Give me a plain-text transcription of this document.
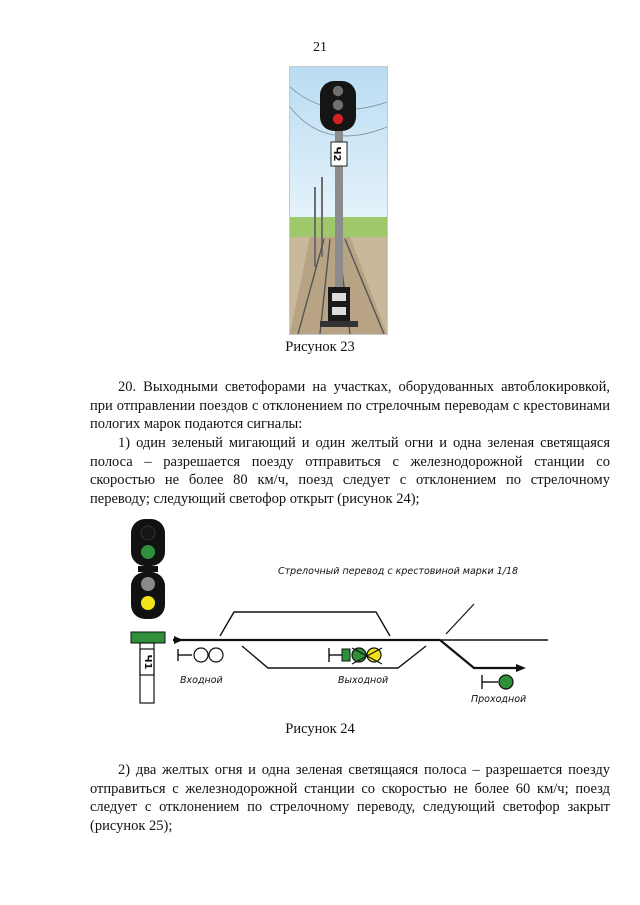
21
Ч2
Рисунок 23
20. Выходными светофорами на участках, оборудованных автоблокировкой, при отправлении поездов с отклонением по стрелочным переводам с крестовинами пологих марок подаются сигналы:
1) один зеленый мигающий и один желтый огни и одна зеленая светящаяся полоса – разрешается поезду отправиться с железнодорожной станции со скоростью не более 80 км/ч, поезд следует с отклонением по стрелочному переводу; следующий светофор открыт (рисунок 24);
Ч1
Стрелочный перевод с крестовиной марки 1/18
Входной	Выходной
Проходной
Рисунок 24
2) два желтых огня и одна зеленая светящаяся полоса – разрешается поезду отправиться с железнодорожной станции со скоростью не более 60 км/ч; поезд следует с отклонением по стрелочному переводу, следующий светофор закрыт (рисунок 25);
